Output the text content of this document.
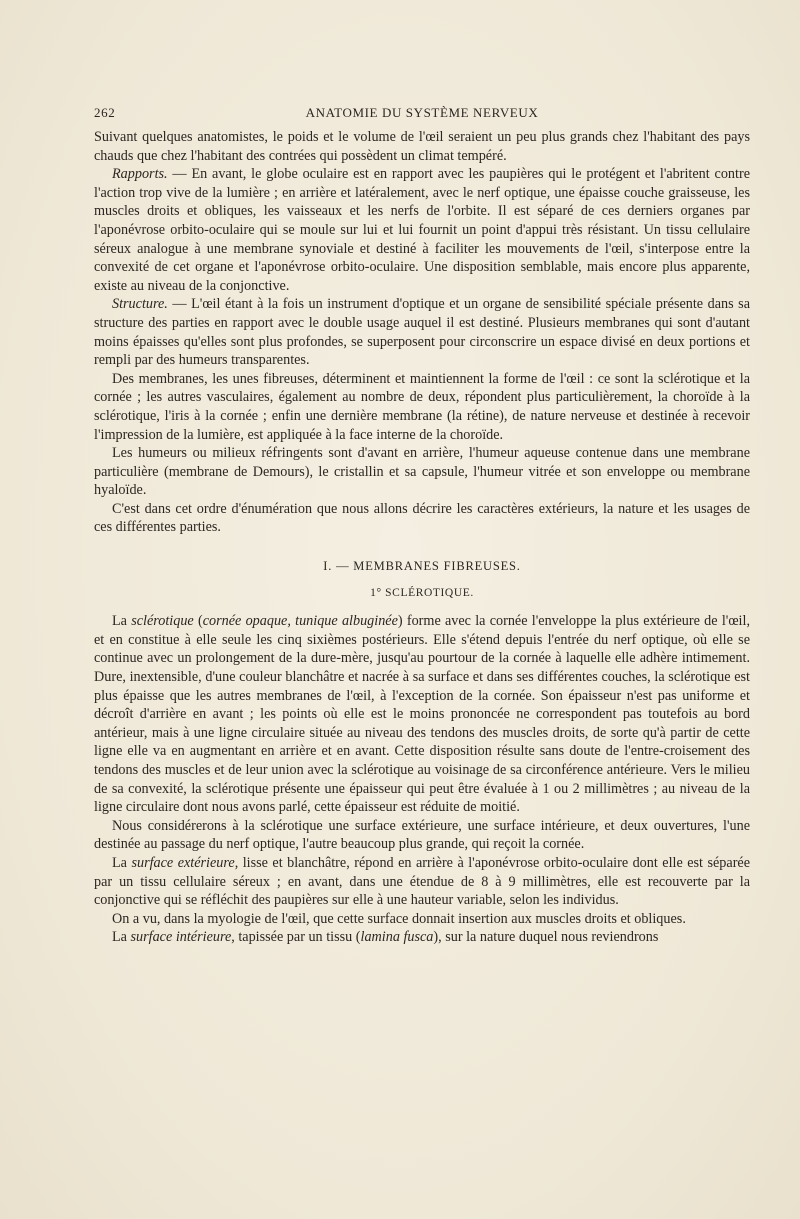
262	ANATOMIE DU SYSTÈME NERVEUX

Suivant quelques anatomistes, le poids et le volume de l'œil seraient un peu plus grands chez l'habitant des pays chauds que chez l'habitant des contrées qui possèdent un climat tempéré.

Rapports. — En avant, le globe oculaire est en rapport avec les paupières qui le protégent et l'abritent contre l'action trop vive de la lumière ; en arrière et latéralement, avec le nerf optique, une épaisse couche graisseuse, les muscles droits et obliques, les vaisseaux et les nerfs de l'orbite. Il est séparé de ces derniers organes par l'aponévrose orbito-oculaire qui se moule sur lui et lui fournit un point d'appui très résistant. Un tissu cellulaire séreux analogue à une membrane synoviale et destiné à faciliter les mouvements de l'œil, s'interpose entre la convexité de cet organe et l'aponévrose orbito-oculaire. Une disposition semblable, mais encore plus apparente, existe au niveau de la conjonctive.

Structure. — L'œil étant à la fois un instrument d'optique et un organe de sensibilité spéciale présente dans sa structure des parties en rapport avec le double usage auquel il est destiné. Plusieurs membranes qui sont d'autant moins épaisses qu'elles sont plus profondes, se superposent pour circonscrire un espace divisé en deux portions et rempli par des humeurs transparentes.

Des membranes, les unes fibreuses, déterminent et maintiennent la forme de l'œil : ce sont la sclérotique et la cornée ; les autres vasculaires, également au nombre de deux, répondent plus particulièrement, la choroïde à la sclérotique, l'iris à la cornée ; enfin une dernière membrane (la rétine), de nature nerveuse et destinée à recevoir l'impression de la lumière, est appliquée à la face interne de la choroïde.

Les humeurs ou milieux réfringents sont d'avant en arrière, l'humeur aqueuse contenue dans une membrane particulière (membrane de Demours), le cristallin et sa capsule, l'humeur vitrée et son enveloppe ou membrane hyaloïde.

C'est dans cet ordre d'énumération que nous allons décrire les caractères extérieurs, la nature et les usages de ces différentes parties.

I. — MEMBRANES FIBREUSES.
1° SCLÉROTIQUE.

La sclérotique (cornée opaque, tunique albuginée) forme avec la cornée l'enveloppe la plus extérieure de l'œil, et en constitue à elle seule les cinq sixièmes postérieurs. Elle s'étend depuis l'entrée du nerf optique, où elle se continue avec un prolongement de la dure-mère, jusqu'au pourtour de la cornée à laquelle elle adhère intimement. Dure, inextensible, d'une couleur blanchâtre et nacrée à sa surface et dans ses différentes couches, la sclérotique est plus épaisse que les autres membranes de l'œil, à l'exception de la cornée. Son épaisseur n'est pas uniforme et décroît d'arrière en avant ; les points où elle est le moins prononcée ne correspondent pas toutefois au bord antérieur, mais à une ligne circulaire située au niveau des tendons des muscles droits, de sorte qu'à partir de cette ligne elle va en augmentant en arrière et en avant. Cette disposition résulte sans doute de l'entre-croisement des tendons des muscles et de leur union avec la sclérotique au voisinage de sa circonférence antérieure. Vers le milieu de sa convexité, la sclérotique présente une épaisseur qui peut être évaluée à 1 ou 2 millimètres ; au niveau de la ligne circulaire dont nous avons parlé, cette épaisseur est réduite de moitié.

Nous considérerons à la sclérotique une surface extérieure, une surface intérieure, et deux ouvertures, l'une destinée au passage du nerf optique, l'autre beaucoup plus grande, qui reçoit la cornée.

La surface extérieure, lisse et blanchâtre, répond en arrière à l'aponévrose orbito-oculaire dont elle est séparée par un tissu cellulaire séreux ; en avant, dans une étendue de 8 à 9 millimètres, elle est recouverte par la conjonctive qui se réfléchit des paupières sur elle à une hauteur variable, selon les individus.

On a vu, dans la myologie de l'œil, que cette surface donnait insertion aux muscles droits et obliques.

La surface intérieure, tapissée par un tissu (lamina fusca), sur la nature duquel nous reviendrons
